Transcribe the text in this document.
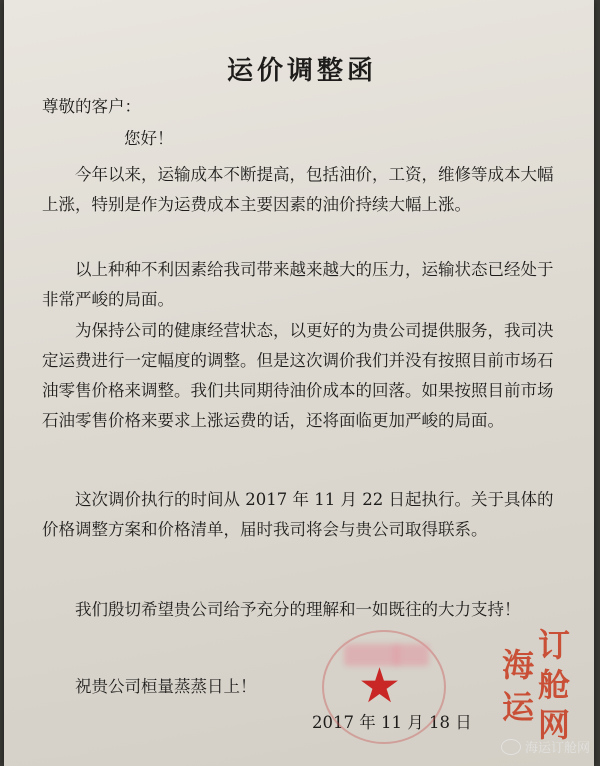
运价调整函
尊敬的客户：
您好！
今年以来，运输成本不断提高，包括油价，工资，维修等成本大幅上涨，特别是作为运费成本主要因素的油价持续大幅上涨。
以上种种不利因素给我司带来越来越大的压力，运输状态已经处于非常严峻的局面。
为保持公司的健康经营状态，以更好的为贵公司提供服务，我司决定运费进行一定幅度的调整。但是这次调价我们并没有按照目前市场石油零售价格来调整。我们共同期待油价成本的回落。如果按照目前市场石油零售价格来要求上涨运费的话，还将面临更加严峻的局面。
这次调价执行的时间从 2017 年 11 月 22 日起执行。关于具体的价格调整方案和价格清单，届时我司将会与贵公司取得联系。
我们殷切希望贵公司给予充分的理解和一如既往的大力支持！
祝贵公司桓量蒸蒸日上！
2017 年 11 月 18 日
★
订
舱
网
海
运
海运订舱网
